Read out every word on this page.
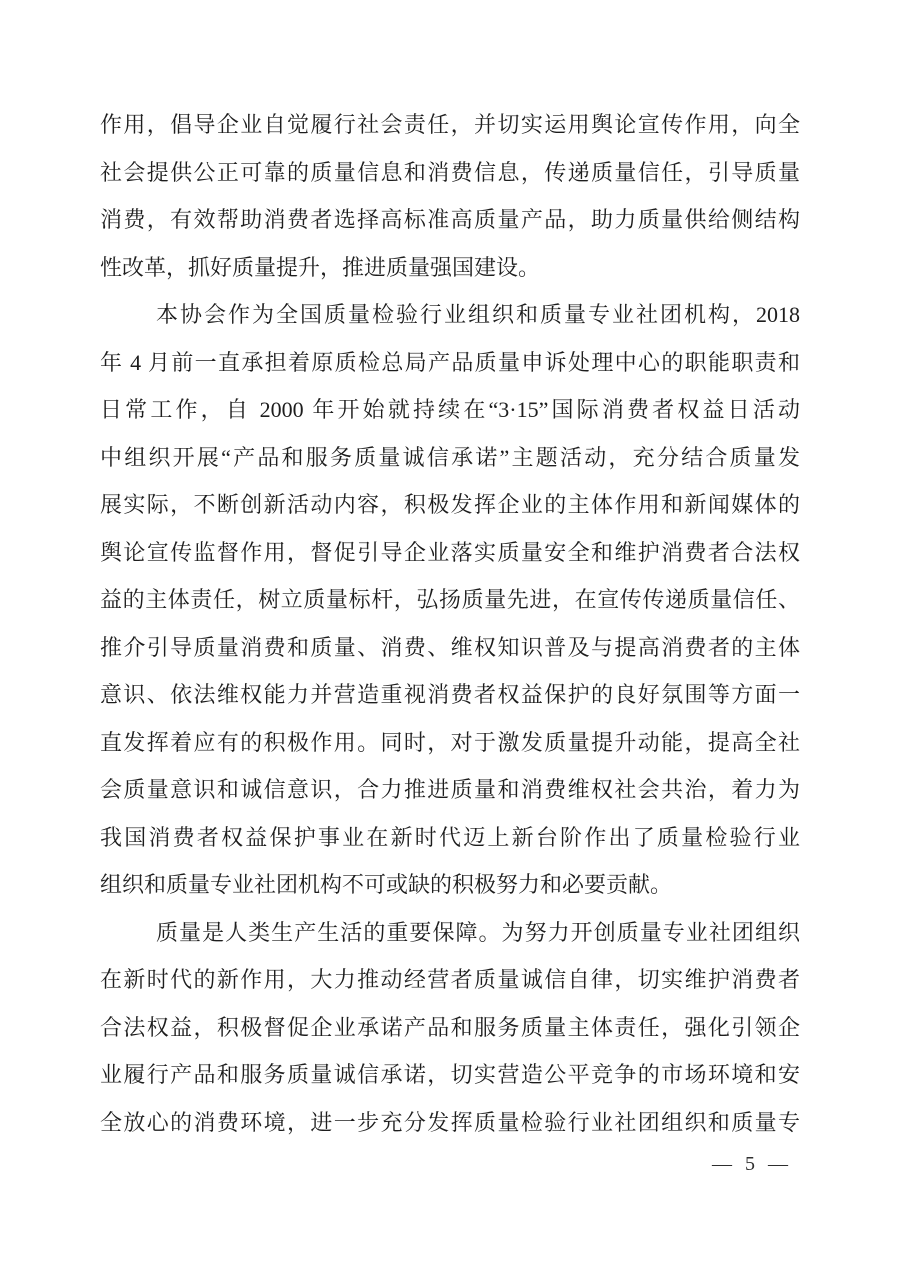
作用，倡导企业自觉履行社会责任，并切实运用舆论宣传作用，向全
社会提供公正可靠的质量信息和消费信息，传递质量信任，引导质量
消费，有效帮助消费者选择高标准高质量产品，助力质量供给侧结构
性改革，抓好质量提升，推进质量强国建设。
本协会作为全国质量检验行业组织和质量专业社团机构，2018
年 4 月前一直承担着原质检总局产品质量申诉处理中心的职能职责和
日常工作，自 2000 年开始就持续在“3·15”国际消费者权益日活动
中组织开展“产品和服务质量诚信承诺”主题活动，充分结合质量发
展实际，不断创新活动内容，积极发挥企业的主体作用和新闻媒体的
舆论宣传监督作用，督促引导企业落实质量安全和维护消费者合法权
益的主体责任，树立质量标杆，弘扬质量先进，在宣传传递质量信任、
推介引导质量消费和质量、消费、维权知识普及与提高消费者的主体
意识、依法维权能力并营造重视消费者权益保护的良好氛围等方面一
直发挥着应有的积极作用。同时，对于激发质量提升动能，提高全社
会质量意识和诚信意识，合力推进质量和消费维权社会共治，着力为
我国消费者权益保护事业在新时代迈上新台阶作出了质量检验行业
组织和质量专业社团机构不可或缺的积极努力和必要贡献。
质量是人类生产生活的重要保障。为努力开创质量专业社团组织
在新时代的新作用，大力推动经营者质量诚信自律，切实维护消费者
合法权益，积极督促企业承诺产品和服务质量主体责任，强化引领企
业履行产品和服务质量诚信承诺，切实营造公平竞争的市场环境和安
全放心的消费环境，进一步充分发挥质量检验行业社团组织和质量专
— 5 —
